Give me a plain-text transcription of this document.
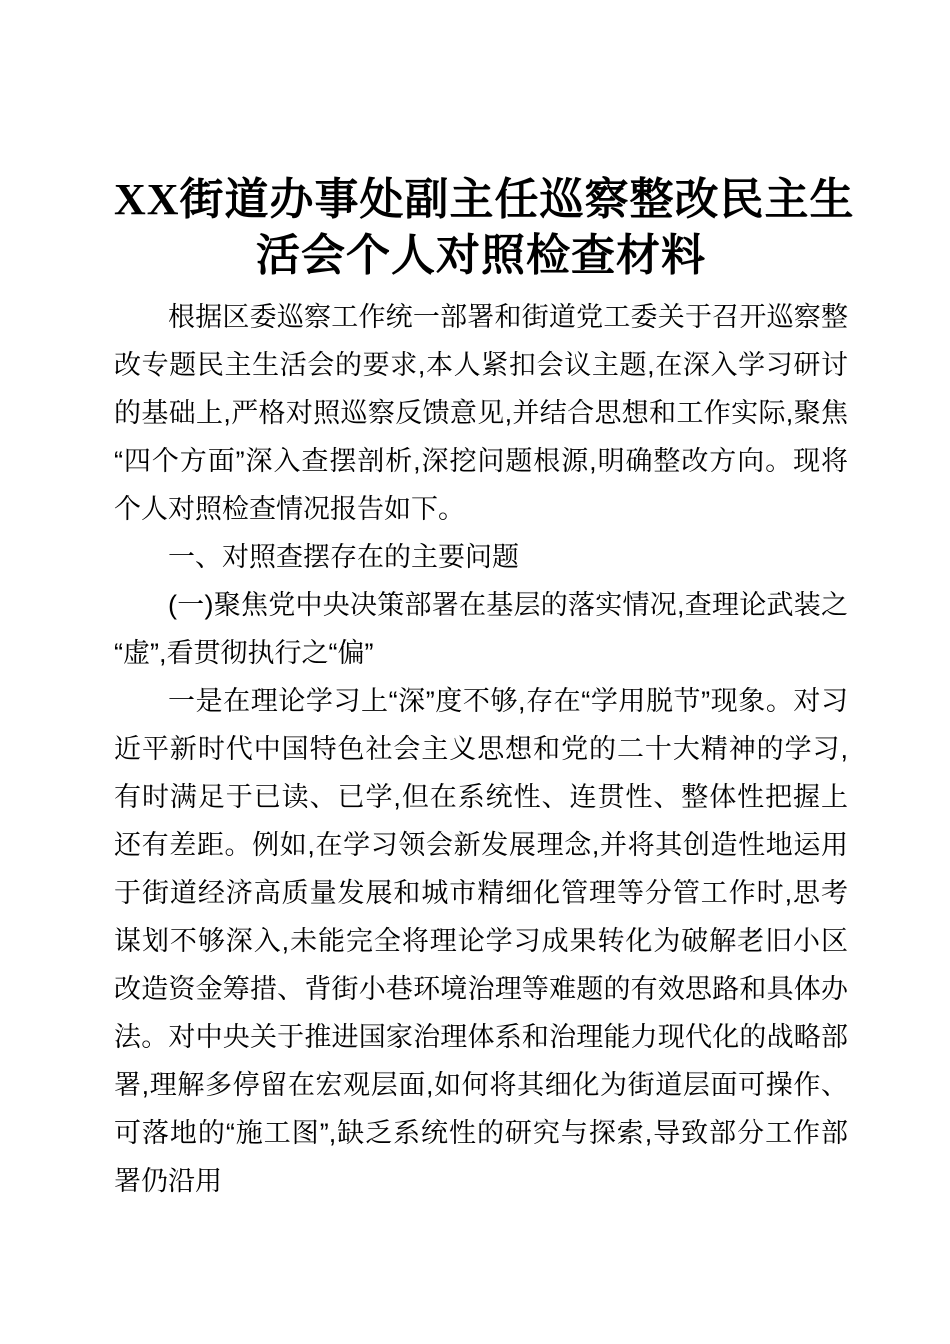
XX街道办事处副主任巡察整改民主生
活会个人对照检查材料

根据区委巡察工作统一部署和街道党工委关于召开巡察整改专题民主生活会的要求,本人紧扣会议主题,在深入学习研讨的基础上,严格对照巡察反馈意见,并结合思想和工作实际,聚焦“四个方面”深入查摆剖析,深挖问题根源,明确整改方向。现将个人对照检查情况报告如下。

一、对照查摆存在的主要问题

(一)聚焦党中央决策部署在基层的落实情况,查理论武装之“虚”,看贯彻执行之“偏”

一是在理论学习上“深”度不够,存在“学用脱节”现象。对习近平新时代中国特色社会主义思想和党的二十大精神的学习,有时满足于已读、已学,但在系统性、连贯性、整体性把握上还有差距。例如,在学习领会新发展理念,并将其创造性地运用于街道经济高质量发展和城市精细化管理等分管工作时,思考谋划不够深入,未能完全将理论学习成果转化为破解老旧小区改造资金筹措、背街小巷环境治理等难题的有效思路和具体办法。对中央关于推进国家治理体系和治理能力现代化的战略部署,理解多停留在宏观层面,如何将其细化为街道层面可操作、可落地的“施工图”,缺乏系统性的研究与探索,导致部分工作部署仍沿用
